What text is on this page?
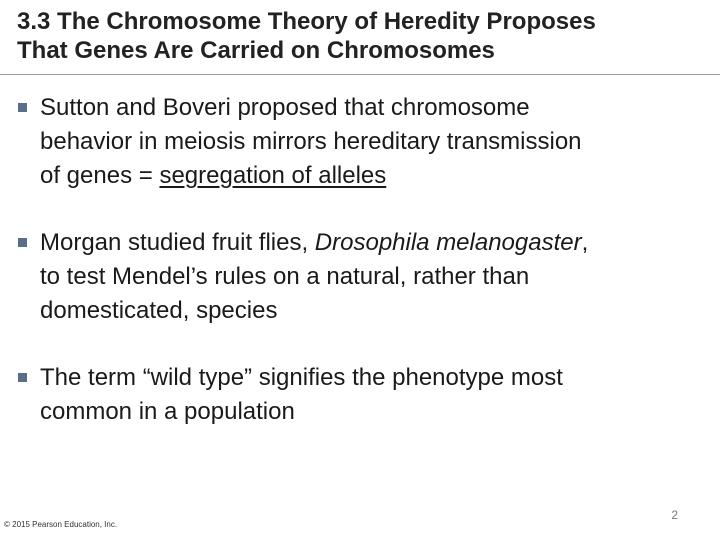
3.3 The Chromosome Theory of Heredity Proposes
That Genes Are Carried on Chromosomes
Sutton and Boveri proposed that chromosome
behavior in meiosis mirrors hereditary transmission
of genes = segregation of alleles
Morgan studied fruit flies, Drosophila melanogaster,
to test Mendel’s rules on a natural, rather than
domesticated, species
The term “wild type” signifies the phenotype most
common in a population
© 2015 Pearson Education, Inc.
2
